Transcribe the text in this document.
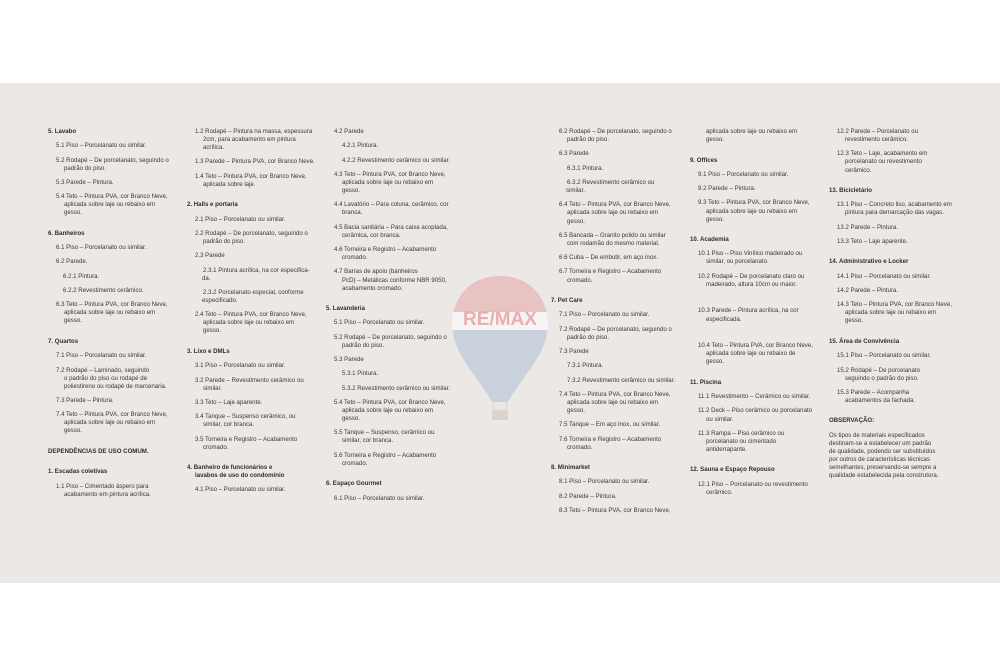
RE/MAX
5. Lavabo
5.1 Piso – Porcelanato ou similar.
5.2 Rodapé – De porcelanato, seguindo o
padrão do piso.
5.3 Parede – Pintura.
5.4 Teto – Pintura PVA, cor Branco Neve,
aplicada sobre laje ou rebaixo em
gesso.
6. Banheiros
6.1 Piso – Porcelanato ou similar.
6.2 Parede.
6.2.1 Pintura.
6.2.2 Revestimento cerâmico.
6.3 Teto – Pintura PVA, cor Branco Neve,
aplicada sobre laje ou rebaixo em
gesso.
7. Quartos
7.1 Piso – Porcelanato ou similar.
7.2 Rodapé – Laminado, seguindo
o padrão do piso ou rodapé de
poliestireno ou rodapé de marcenaria.
7.3 Parede – Pintura.
7.4 Teto – Pintura PVA, cor Branco Neve,
aplicada sobre laje ou rebaixo em
gesso.
DEPENDÊNCIAS DE USO COMUM.
1. Escadas coletivas
1.1 Piso – Cimentado áspero para
acabamento em pintura acrílica.
1.2 Rodapé – Pintura na massa, espessura
2cm, para acabamento em pintura
acrílica.
1.3 Parede – Pintura PVA, cor Branco Neve.
1.4 Teto – Pintura PVA, cor Branco Neve,
aplicada sobre laje.
2. Halls e portaria
2.1 Piso – Porcelanato ou similar.
2.2 Rodapé – De porcelanato, seguindo o
padrão do piso.
2.3 Parede
2.3.1 Pintura acrílica, na cor especifica-
da.
2.3.2 Porcelanato especial, conforme
especificado.
2.4 Teto – Pintura PVA, cor Branco Neve,
aplicada sobre laje ou rebaixo em
gesso.
3. Lixo e DMLs
3.1 Piso – Porcelanato ou similar.
3.2 Parede – Revestimento cerâmico ou
similar.
3.3 Teto – Laje aparente.
3.4 Tanque – Suspenso cerâmico, ou
similar, cor branca.
3.5 Torneira e Registro – Acabamento
cromado.
4. Banheiro de funcionários e
lavabos de uso do condomínio
4.1 Piso – Porcelanato ou similar.
4.2 Parede
4.2.1 Pintura.
4.2.2 Revestimento cerâmico ou similar.
4.3 Teto – Pintura PVA, cor Branco Neve,
aplicada sobre laje ou rebaixo em
gesso.
4.4 Lavatório – Para coluna, cerâmico, cor
branca.
4.5 Bacia sanitária – Para caixa acoplada,
cerâmica, cor branca.
4.6 Torneira e Registro – Acabamento
cromado.
4.7 Barras de apoio (banheiros
PcD) – Metálicas conforme NBR 9050,
acabamento cromado.
5. Lavanderia
5.1 Piso – Porcelanato ou similar.
5.2 Rodapé – De porcelanato, seguindo o
padrão do piso.
5.3 Parede
5.3.1 Pintura.
5.3.2 Revestimento cerâmico ou similar.
5.4 Teto – Pintura PVA, cor Branco Neve,
aplicada sobre laje ou rebaixo em
gesso.
5.5 Tanque – Suspenso, cerâmico ou
similar, cor branca.
5.6 Torneira e Registro – Acabamento
cromado.
6. Espaço Gourmet
6.1 Piso – Porcelanato ou similar.
6.2 Rodapé – De porcelanato, seguindo o
padrão do piso.
6.3 Parede
6.3.1 Pintura.
6.3.2 Revestimento cerâmico ou
similar.
6.4 Teto – Pintura PVA, cor Branco Neve,
aplicada sobre laje ou rebaixo em
gesso.
6.5 Bancada – Granito polido ou similar
com rodamão do mesmo material.
6.6 Cuba – De embutir, em aço inox.
6.7 Torneira e Registro – Acabamento
cromado.
7. Pet Care
7.1 Piso – Porcelanato ou similar.
7.2 Rodapé – De porcelanato, seguindo o
padrão do piso.
7.3 Parede
7.3.1 Pintura.
7.3.2 Revestimento cerâmico ou similar.
7.4 Teto – Pintura PVA, cor Branco Neve,
aplicada sobre laje ou rebaixo em
gesso.
7.5 Tanque – Em aço inox, ou similar.
7.6 Torneira e Registro – Acabamento
cromado.
8. Minimarket
8.1 Piso – Porcelanato ou similar.
8.2 Parede – Pintura.
8.3 Teto – Pintura PVA, cor Branco Neve,
aplicada sobre laje ou rebaixo em
gesso.
9. Offices
9.1 Piso – Porcelanato ou similar.
9.2 Parede – Pintura.
9.3 Teto – Pintura PVA, cor Branco Neve,
aplicada sobre laje ou rebaixo em
gesso.
10. Academia
10.1 Piso – Piso Vinílico madeirado ou
similar, ou porcelanato.
10.2 Rodapé – De porcelanato claro ou
madeirado, altura 10cm ou maior.
10.3 Parede – Pintura acrílica, na cor
especificada.
10.4 Teto – Pintura PVA, cor Branco Neve,
aplicada sobre laje ou rebaixo de
gesso.
11. Piscina
11.1 Revestimento – Cerâmico ou similar.
11.2 Deck – Piso cerâmico ou porcelanato
ou similar.
11.3 Rampa – Piso cerâmico ou
porcelanato ou cimentado
antiderrapante.
12. Sauna e Espaço Repouso
12.1 Piso – Porcelanato ou revestimento
cerâmico.
12.2 Parede – Porcelanato ou
revestimento cerâmico.
12.3 Teto – Laje, acabamento em
porcelanato ou revestimento
cerâmico.
13. Bicicletário
13.1 Piso – Concreto liso, acabamento em
pintura para demarcação das vagas.
13.2 Parede – Pintura.
13.3 Teto – Laje aparente.
14. Administrativo e Locker
14.1 Piso – Porcelanato ou similar.
14.2 Parede – Pintura.
14.3 Teto – Pintura PVA, cor Branco Neve,
aplicada sobre laje ou rebaixo em
gesso.
15. Área de Convivência
15.1 Piso – Porcelanato ou similar.
15.2 Rodapé – De porcelanato
seguindo o padrão do piso.
15.3 Parede – Acompanha
acabamentos da fachada.
OBSERVAÇÃO:
Os tipos de materiais especificados
destinam-se a estabelecer um padrão
de qualidade, podendo ser substituídos
por outros de características técnicas
semelhantes, preservando-se sempre a
qualidade estabelecida pela construtora.
